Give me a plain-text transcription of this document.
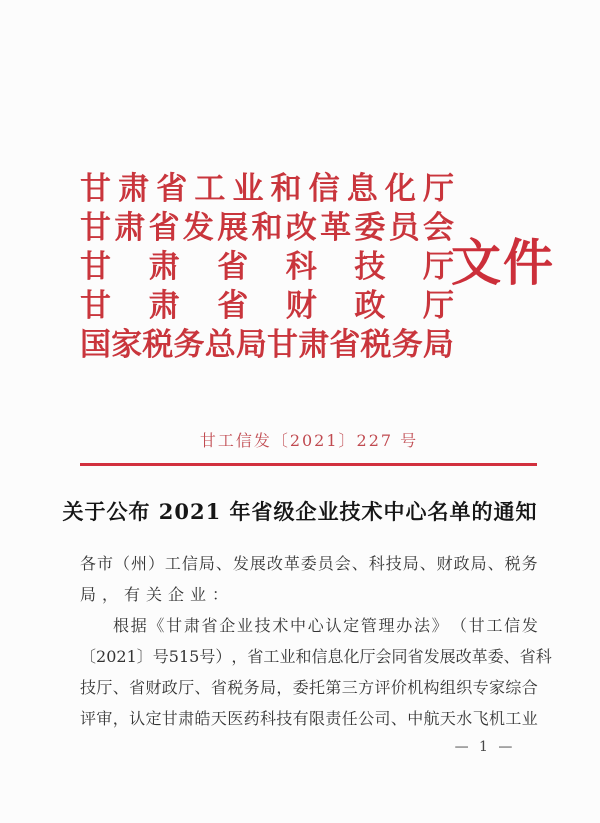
甘 肃 省 工 业 和 信 息 化 厅
甘 肃 省 发 展 和 改 革 委 员 会
甘 肃 省 科 技 厅
甘 肃 省 财 政 厅
国 家 税 务 总 局 甘 肃 省 税 务 局
文件
甘工信发〔2021〕227 号
关于公布 2021 年省级企业技术中心名单的通知
各 市 （ 州 ） 工 信 局 、 发 展 改 革 委 员 会 、 科 技 局 、 财 政 局 、 税 务
局，有关企业：
根 据 《 甘 肃 省 企 业 技 术 中 心 认 定 管 理 办 法 》 （ 甘 工 信 发
〔 2 0 2 1 〕 号 5 1 5 号 ） ， 省 工 业 和 信 息 化 厅 会 同 省 发 展 改 革 委 、 省 科
技 厅 、 省 财 政 厅 、 省 税 务 局 ， 委 托 第 三 方 评 价 机 构 组 织 专 家 综 合
评 审 ， 认 定 甘 肃 皓 天 医 药 科 技 有 限 责 任 公 司 、 中 航 天 水 飞 机 工 业
— 1 —
